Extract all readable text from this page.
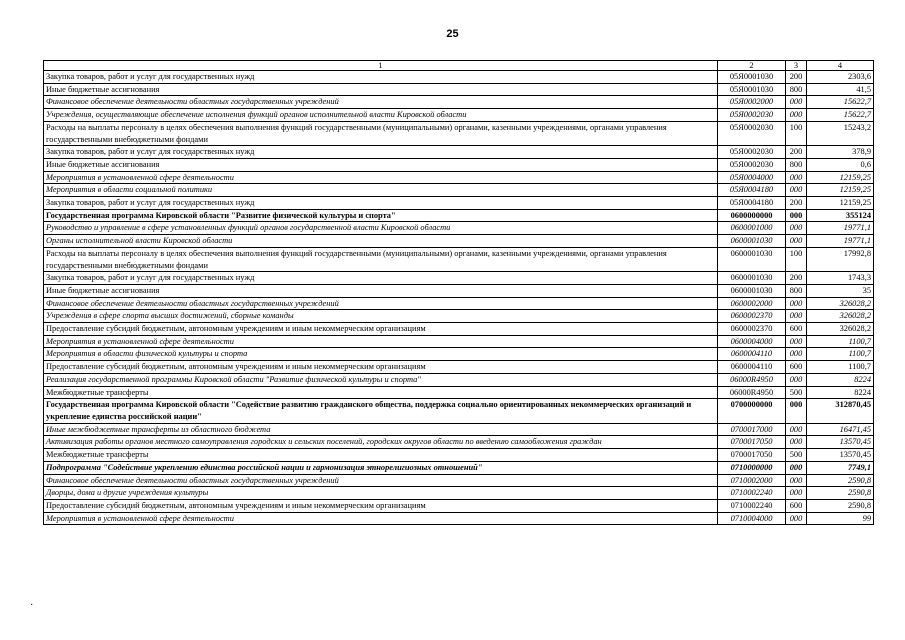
25
1	2	3	4
Закупка товаров, работ и услуг для государственных нужд	05Я0001030	200	2303,6
Иные бюджетные ассигнования	05Я0001030	800	41,5
Финансовое обеспечение деятельности областных государственных учреждений	05Я0002000	000	15622,7
Учреждения, осуществляющие обеспечение исполнения функций органов исполнительной власти Кировской области	05Я0002030	000	15622,7
Расходы на выплаты персоналу в целях обеспечения выполнения функций государственными (муниципальными) органами, казенными учреждениями, органами управления государственными внебюджетными фондами	05Я0002030	100	15243,2
Закупка товаров, работ и услуг для государственных нужд	05Я0002030	200	378,9
Иные бюджетные ассигнования	05Я0002030	800	0,6
Мероприятия в установленной сфере деятельности	05Я0004000	000	12159,25
Мероприятия в области социальной политики	05Я0004180	000	12159,25
Закупка товаров, работ и услуг для государственных нужд	05Я0004180	200	12159,25
Государственная программа Кировской области "Развитие физической культуры и спорта"	0600000000	000	355124
Руководство и управление в сфере установленных функций органов государственной власти Кировской области	0600001000	000	19771,1
Органы исполнительной власти Кировской области	0600001030	000	19771,1
Расходы на выплаты персоналу в целях обеспечения выполнения функций государственными (муниципальными) органами, казенными учреждениями, органами управления государственными внебюджетными фондами	0600001030	100	17992,8
Закупка товаров, работ и услуг для государственных нужд	0600001030	200	1743,3
Иные бюджетные ассигнования	0600001030	800	35
Финансовое обеспечение деятельности областных государственных учреждений	0600002000	000	326028,2
Учреждения в сфере спорта высших достижений, сборные команды	0600002370	000	326028,2
Предоставление субсидий бюджетным, автономным учреждениям и иным некоммерческим организациям	0600002370	600	326028,2
Мероприятия в установленной сфере деятельности	0600004000	000	1100,7
Мероприятия в области физической культуры и спорта	0600004110	000	1100,7
Предоставление субсидий бюджетным, автономным учреждениям и иным некоммерческим организациям	0600004110	600	1100,7
Реализация государственной программы Кировской области "Развитие физической культуры и спорта"	06000R4950	000	8224
Межбюджетные трансферты	06000R4950	500	8224
Государственная программа Кировской области "Содействие развитию гражданского общества, поддержка социально ориентированных некоммерческих организаций и укрепление единства российской нации"	0700000000	000	312870,45
Иные межбюджетные трансферты из областного бюджета	0700017000	000	16471,45
Активизация работы органов местного самоуправления городских и сельских поселений, городских округов области по введению самообложения граждан	0700017050	000	13570,45
Межбюджетные трансферты	0700017050	500	13570,45
Подпрограмма "Содействие укреплению единства российской нации и гармонизация этнорелигиозных отношений"	0710000000	000	7749,1
Финансовое обеспечение деятельности областных государственных учреждений	0710002000	000	2590,8
Дворцы, дома и другие учреждения культуры	0710002240	000	2590,8
Предоставление субсидий бюджетным, автономным учреждениям и иным некоммерческим организациям	0710002240	600	2590,8
Мероприятия в установленной сфере деятельности	0710004000	000	99
·
